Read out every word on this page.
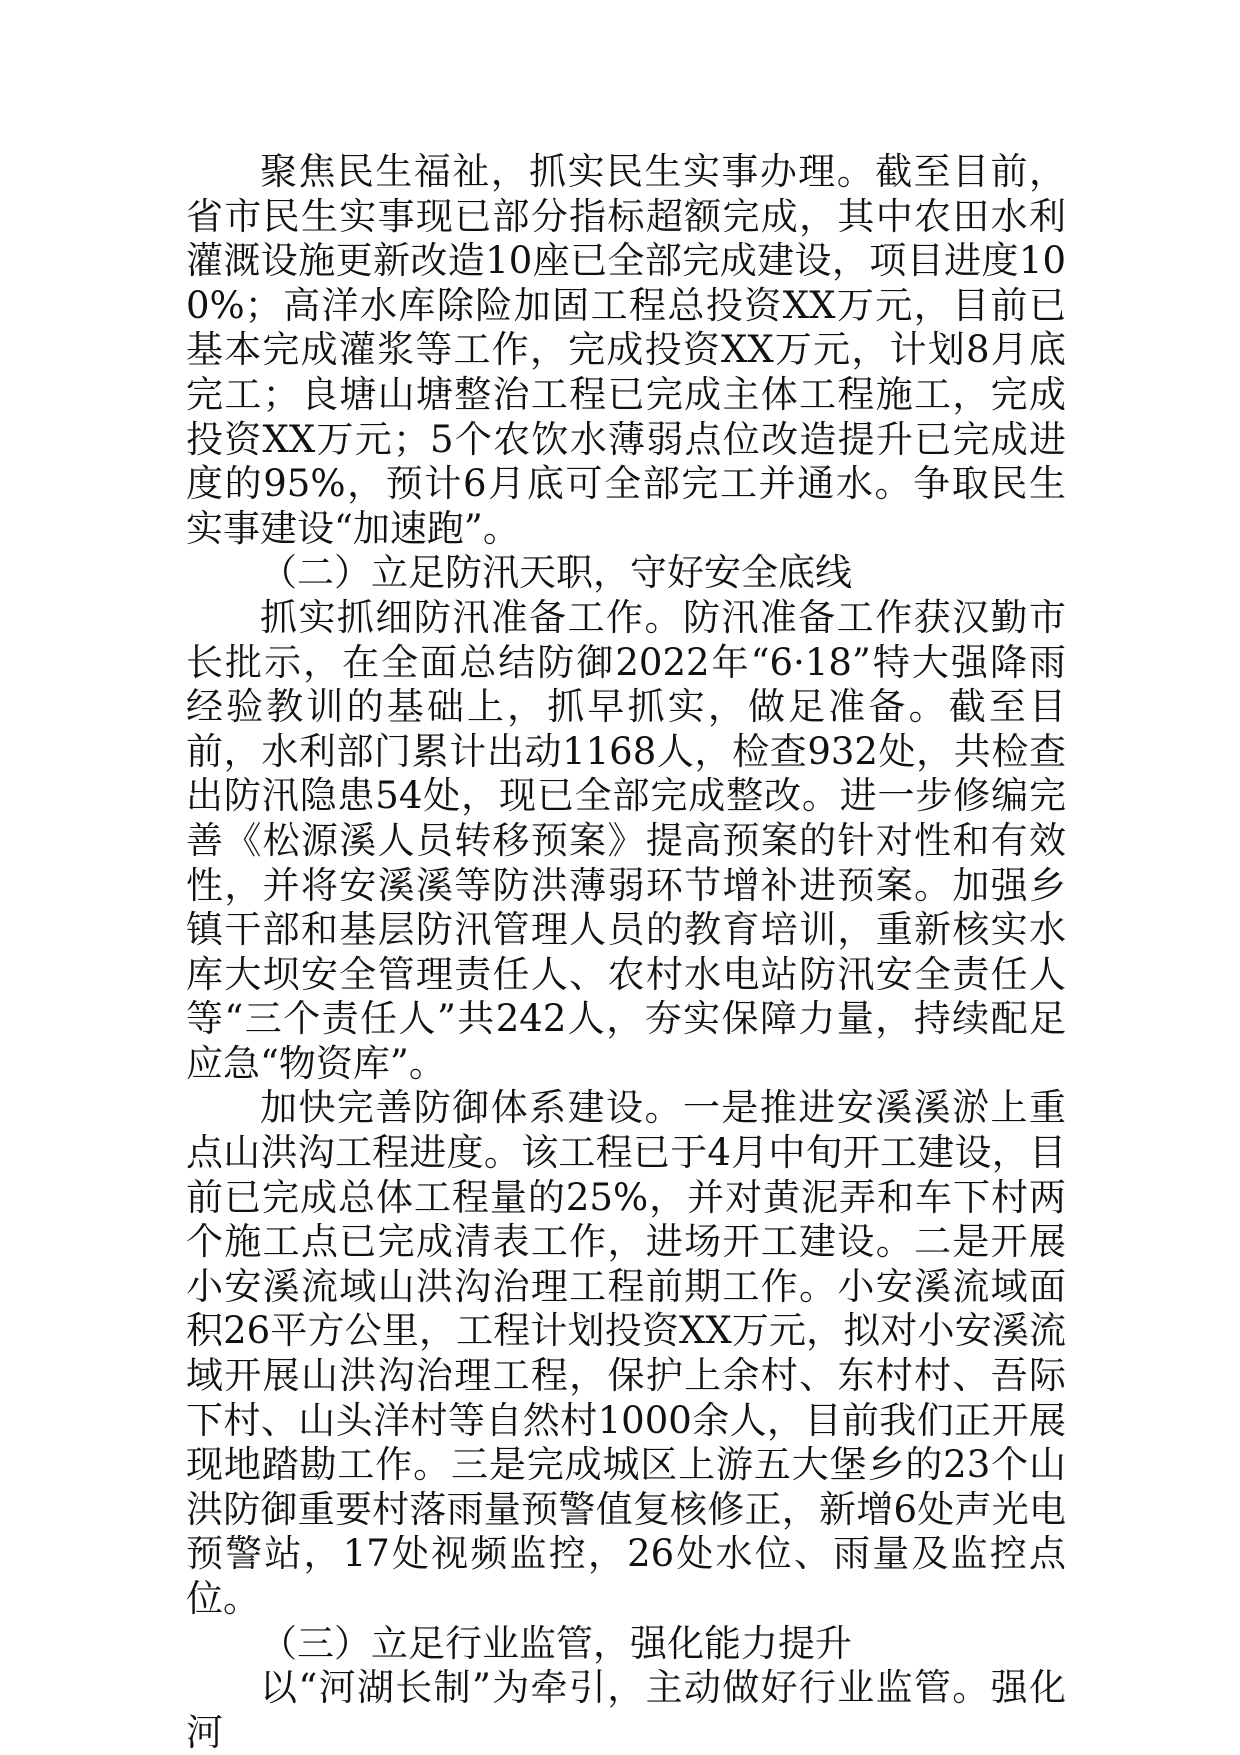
聚焦民生福祉，抓实民生实事办理。截至目前，省市民生实事现已部分指标超额完成，其中农田水利灌溉设施更新改造10座已全部完成建设，项目进度100%；高洋水库除险加固工程总投资XX万元，目前已基本完成灌浆等工作，完成投资XX万元，计划8月底完工；良塘山塘整治工程已完成主体工程施工，完成投资XX万元；5个农饮水薄弱点位改造提升已完成进度的95%，预计6月底可全部完工并通水。争取民生实事建设“加速跑”。

（二）立足防汛天职，守好安全底线

抓实抓细防汛准备工作。防汛准备工作获汉勤市长批示，在全面总结防御2022年“6·18”特大强降雨经验教训的基础上，抓早抓实，做足准备。截至目前，水利部门累计出动1168人，检查932处，共检查出防汛隐患54处，现已全部完成整改。进一步修编完善《松源溪人员转移预案》提高预案的针对性和有效性，并将安溪溪等防洪薄弱环节增补进预案。加强乡镇干部和基层防汛管理人员的教育培训，重新核实水库大坝安全管理责任人、农村水电站防汛安全责任人等“三个责任人”共242人，夯实保障力量，持续配足应急“物资库”。

加快完善防御体系建设。一是推进安溪溪淤上重点山洪沟工程进度。该工程已于4月中旬开工建设，目前已完成总体工程量的25%，并对黄泥弄和车下村两个施工点已完成清表工作，进场开工建设。二是开展小安溪流域山洪沟治理工程前期工作。小安溪流域面积26平方公里，工程计划投资XX万元，拟对小安溪流域开展山洪沟治理工程，保护上余村、东村村、吾际下村、山头洋村等自然村1000余人，目前我们正开展现地踏勘工作。三是完成城区上游五大堡乡的23个山洪防御重要村落雨量预警值复核修正，新增6处声光电预警站，17处视频监控，26处水位、雨量及监控点位。

（三）立足行业监管，强化能力提升

以“河湖长制”为牵引，主动做好行业监管。强化河
